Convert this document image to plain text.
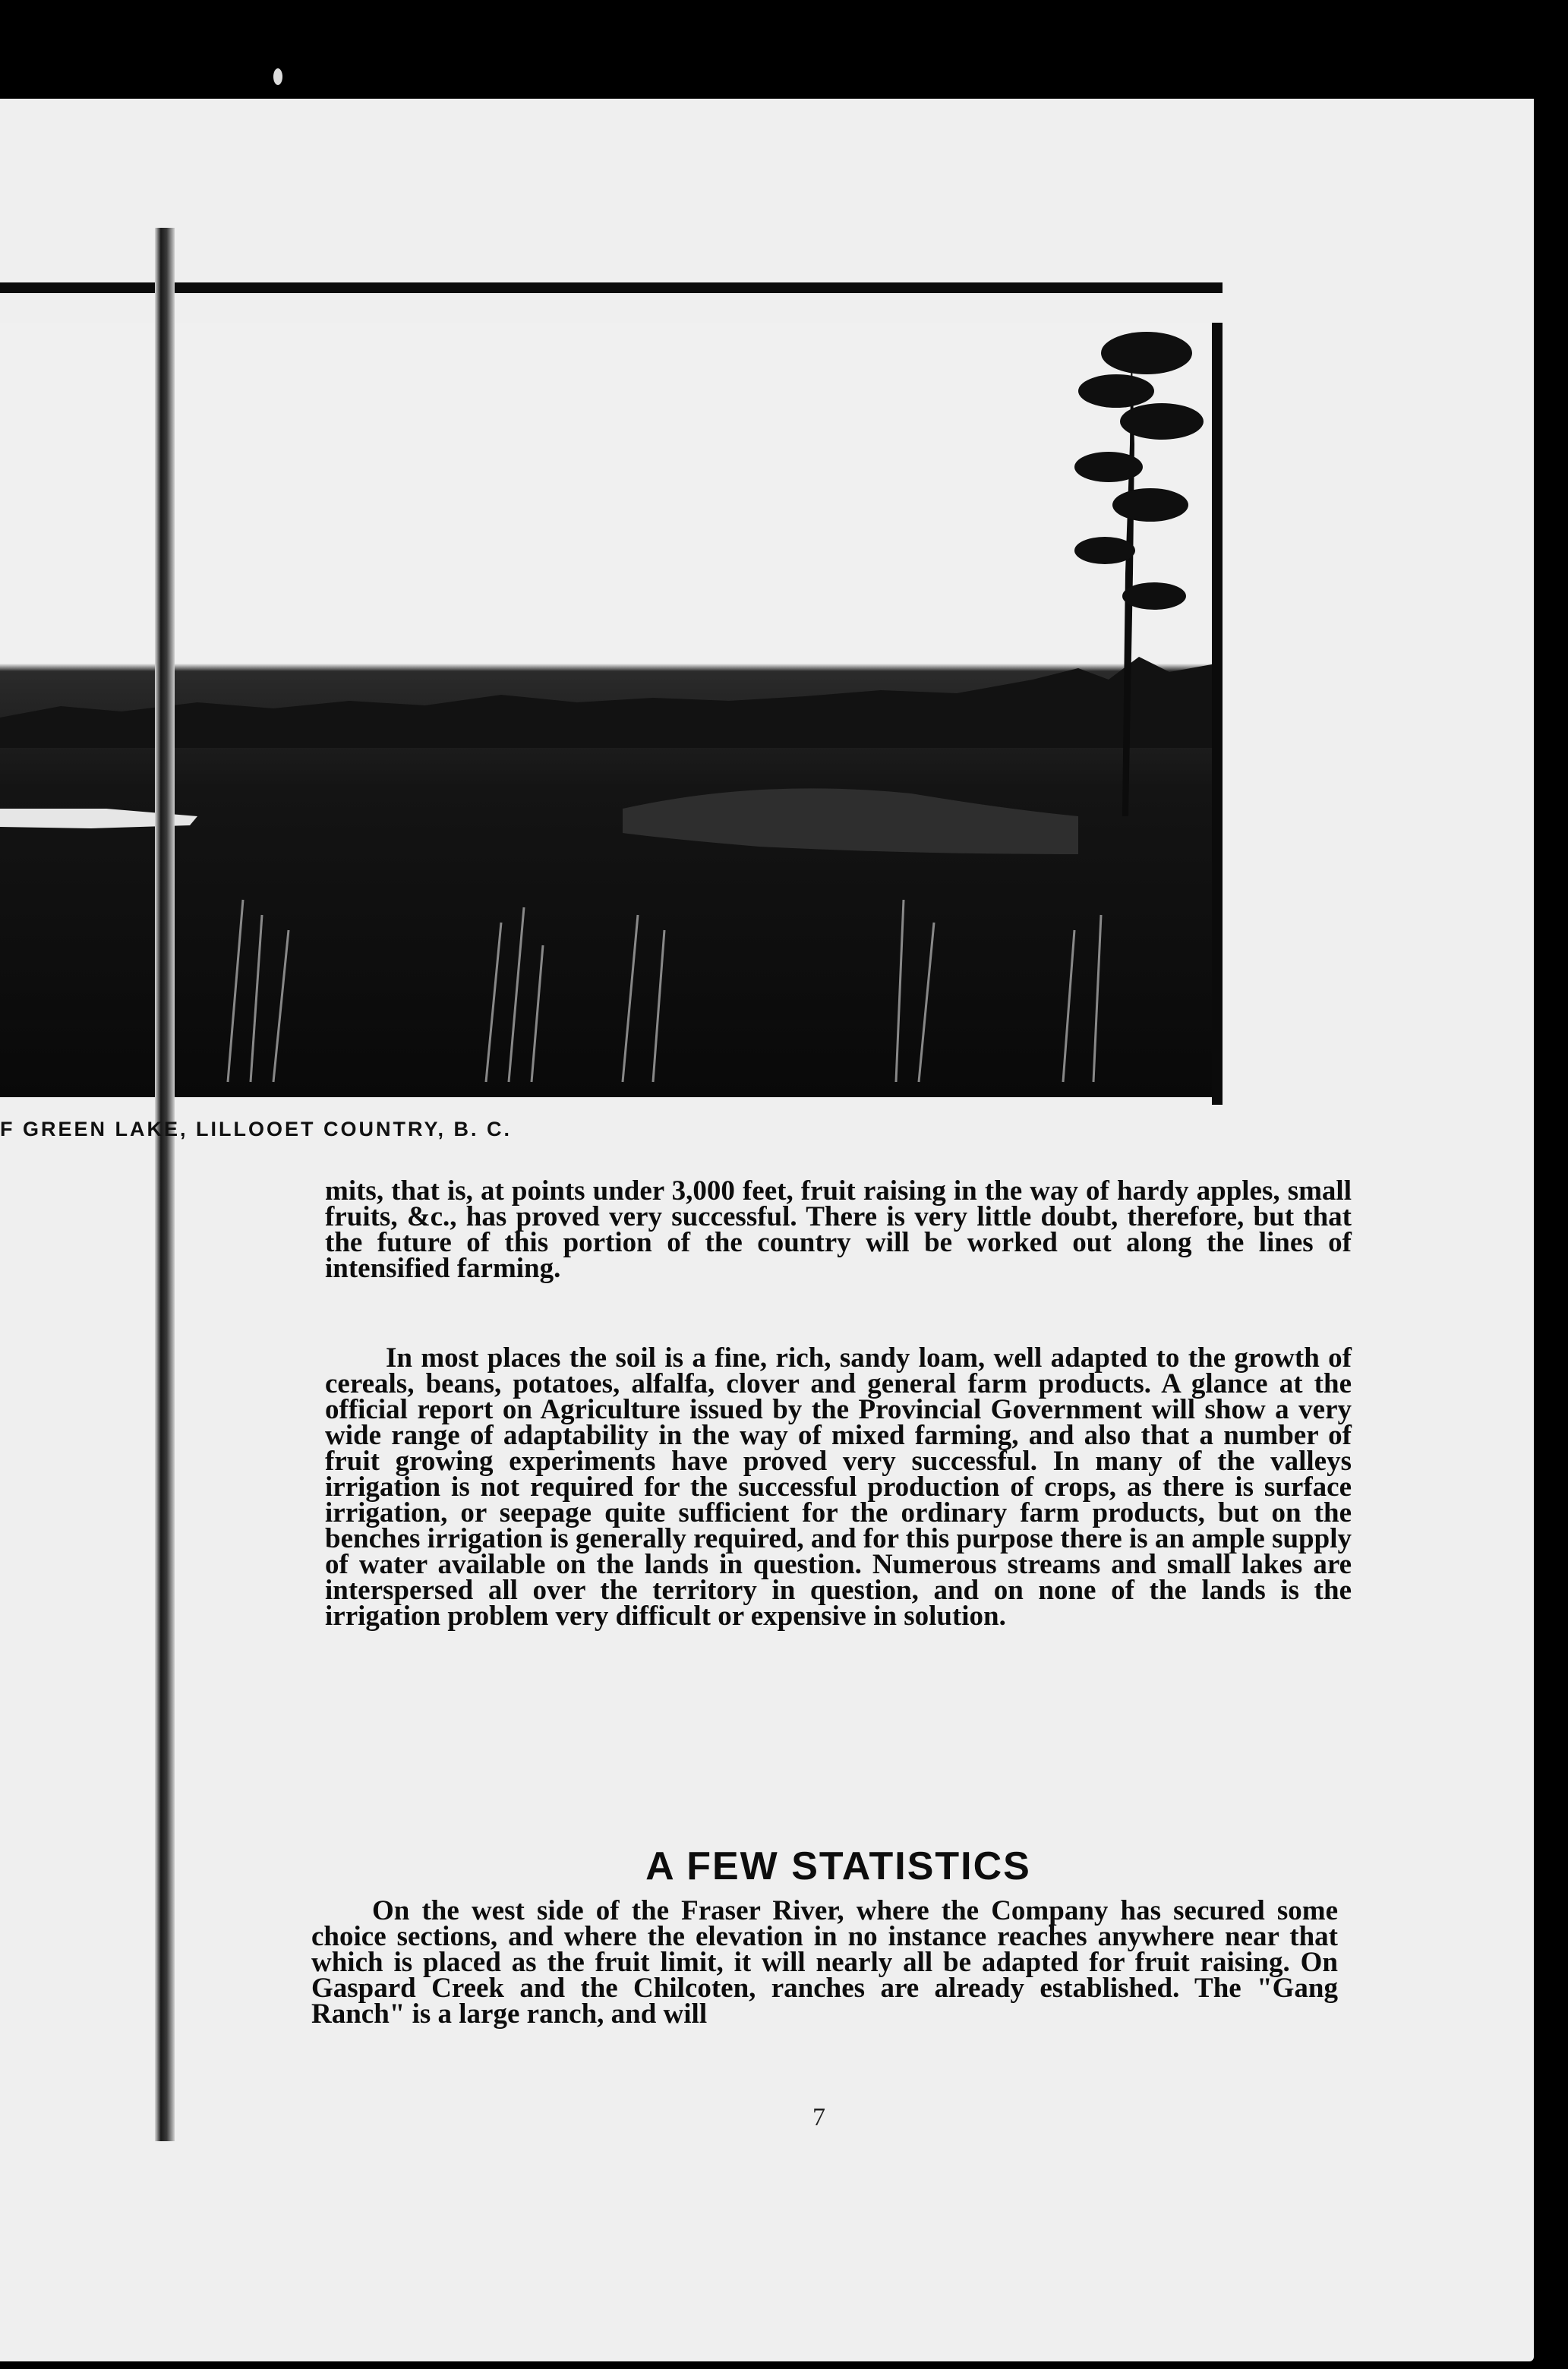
F GREEN LAKE, LILLOOET COUNTRY, B. C.

mits, that is, at points under 3,000 feet, fruit raising in the way of hardy apples, small fruits, &c., has proved very successful. There is very little doubt, therefore, but that the future of this portion of the country will be worked out along the lines of intensified farming.

In most places the soil is a fine, rich, sandy loam, well adapted to the growth of cereals, beans, potatoes, alfalfa, clover and general farm products. A glance at the official report on Agriculture issued by the Provincial Government will show a very wide range of adaptability in the way of mixed farming, and also that a number of fruit growing experiments have proved very successful. In many of the valleys irrigation is not required for the successful production of crops, as there is surface irrigation, or seepage quite sufficient for the ordinary farm products, but on the benches irrigation is generally required, and for this purpose there is an ample supply of water available on the lands in question. Numerous streams and small lakes are interspersed all over the territory in question, and on none of the lands is the irrigation problem very difficult or expensive in solution.

A FEW STATISTICS

On the west side of the Fraser River, where the Company has secured some choice sections, and where the elevation in no instance reaches anywhere near that which is placed as the fruit limit, it will nearly all be adapted for fruit raising. On Gaspard Creek and the Chilcoten, ranches are already established. The "Gang Ranch" is a large ranch, and will

7
